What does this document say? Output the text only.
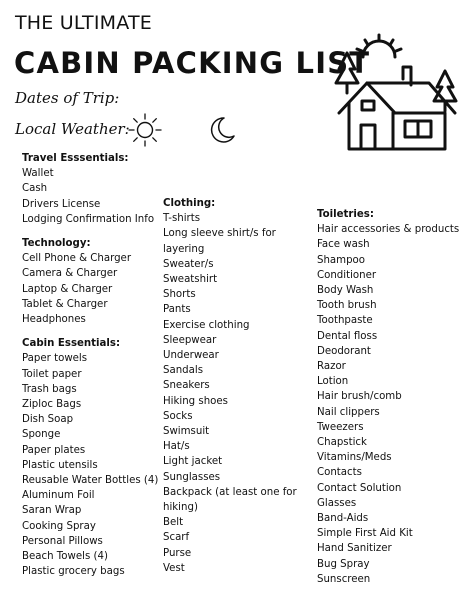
THE ULTIMATE
CABIN PACKING LIST
Dates of Trip:
Local Weather:
Travel Esssentials:
Wallet
Cash
Drivers License
Lodging Confirmation Info
Technology:
Cell Phone & Charger
Camera & Charger
Laptop & Charger
Tablet & Charger
Headphones
Cabin Essentials:
Paper towels
Toilet paper
Trash bags
Ziploc Bags
Dish Soap
Sponge
Paper plates
Plastic utensils
Reusable Water Bottles (4)
Aluminum Foil
Saran Wrap
Cooking Spray
Personal Pillows
Beach Towels (4)
Plastic grocery bags
Clothing:
T-shirts
Long sleeve shirt/s for
layering
Sweater/s
Sweatshirt
Shorts
Pants
Exercise clothing
Sleepwear
Underwear
Sandals
Sneakers
Hiking shoes
Socks
Swimsuit
Hat/s
Light jacket
Sunglasses
Backpack (at least one for
hiking)
Belt
Scarf
Purse
Vest
Toiletries:
Hair accessories & products
Face wash
Shampoo
Conditioner
Body Wash
Tooth brush
Toothpaste
Dental floss
Deodorant
Razor
Lotion
Hair brush/comb
Nail clippers
Tweezers
Chapstick
Vitamins/Meds
Contacts
Contact Solution
Glasses
Band-Aids
Simple First Aid Kit
Hand Sanitizer
Bug Spray
Sunscreen
